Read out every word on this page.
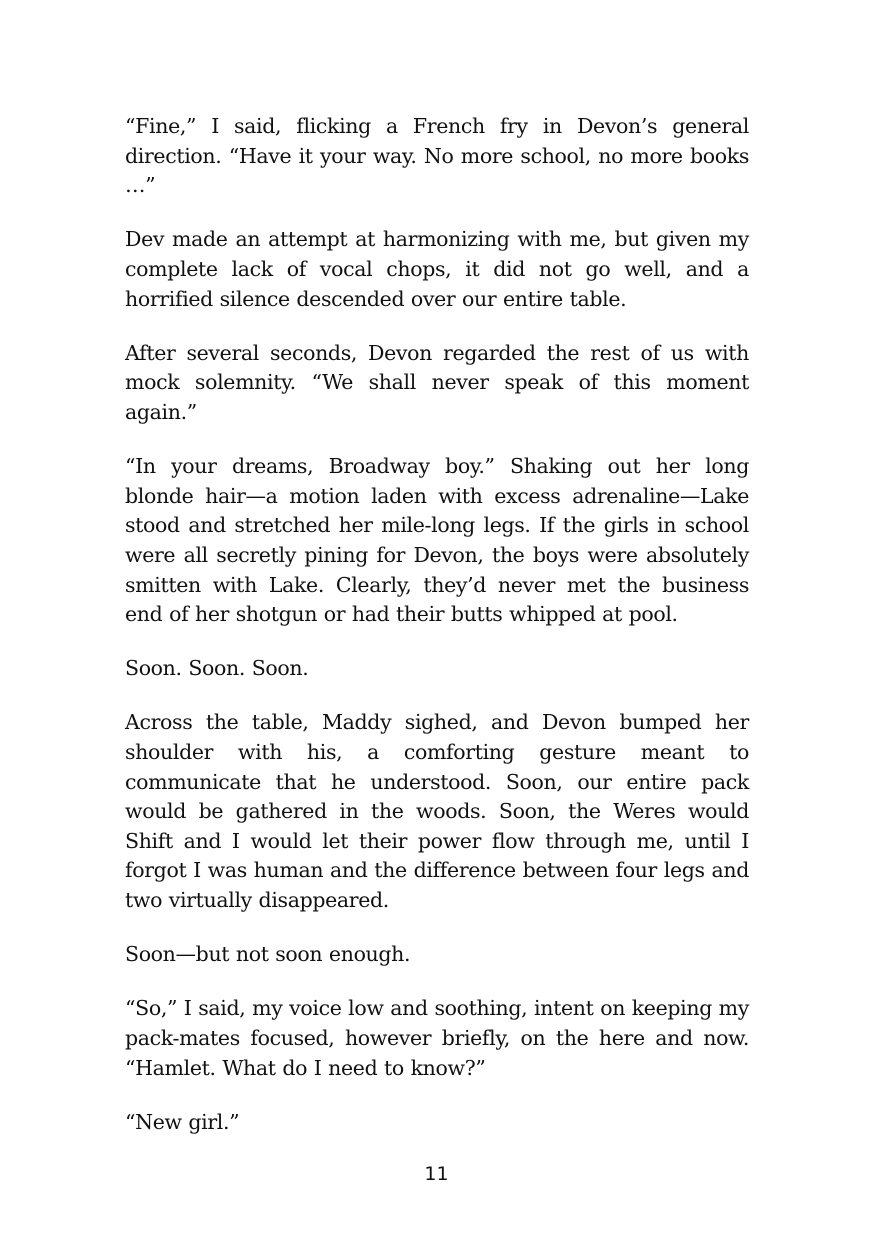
“Fine,” I said, flicking a French fry in Devon’s general direction. “Have it your way. No more school, no more books …”

Dev made an attempt at harmonizing with me, but given my complete lack of vocal chops, it did not go well, and a horrified silence descended over our entire table.

After several seconds, Devon regarded the rest of us with mock solemnity. “We shall never speak of this moment again.”

“In your dreams, Broadway boy.” Shaking out her long blonde hair—a motion laden with excess adrenaline—Lake stood and stretched her mile-long legs. If the girls in school were all secretly pining for Devon, the boys were absolutely smitten with Lake. Clearly, they’d never met the business end of her shotgun or had their butts whipped at pool.

Soon. Soon. Soon.

Across the table, Maddy sighed, and Devon bumped her shoulder with his, a comforting gesture meant to communicate that he understood. Soon, our entire pack would be gathered in the woods. Soon, the Weres would Shift and I would let their power flow through me, until I forgot I was human and the difference between four legs and two virtually disappeared.

Soon—but not soon enough.

“So,” I said, my voice low and soothing, intent on keeping my pack-mates focused, however briefly, on the here and now. “Hamlet. What do I need to know?”

“New girl.”

11
